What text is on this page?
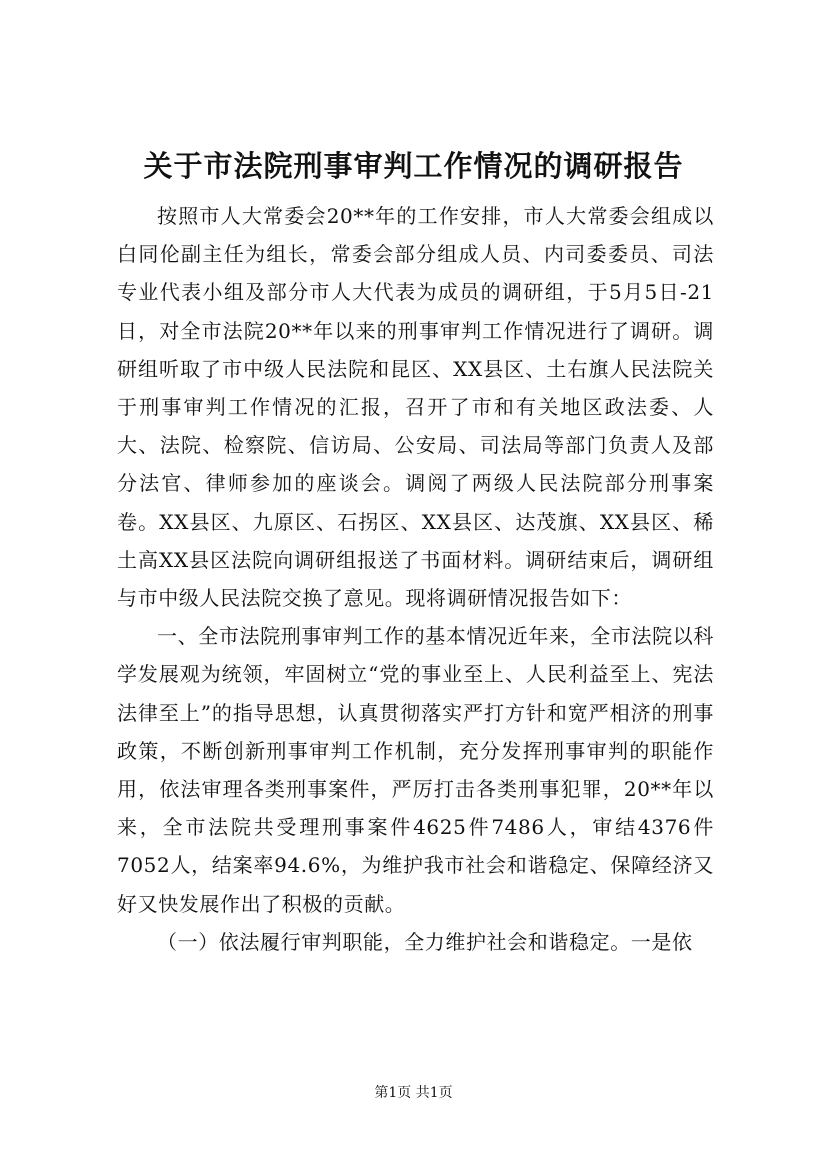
关于市法院刑事审判工作情况的调研报告

按照市人大常委会20**年的工作安排，市人大常委会组成以白同伦副主任为组长，常委会部分组成人员、内司委委员、司法专业代表小组及部分市人大代表为成员的调研组，于5月5日-21日，对全市法院20**年以来的刑事审判工作情况进行了调研。调研组听取了市中级人民法院和昆区、XX县区、土右旗人民法院关于刑事审判工作情况的汇报，召开了市和有关地区政法委、人大、法院、检察院、信访局、公安局、司法局等部门负责人及部分法官、律师参加的座谈会。调阅了两级人民法院部分刑事案卷。XX县区、九原区、石拐区、XX县区、达茂旗、XX县区、稀土高XX县区法院向调研组报送了书面材料。调研结束后，调研组与市中级人民法院交换了意见。现将调研情况报告如下：

一、全市法院刑事审判工作的基本情况近年来，全市法院以科学发展观为统领，牢固树立“党的事业至上、人民利益至上、宪法法律至上”的指导思想，认真贯彻落实严打方针和宽严相济的刑事政策，不断创新刑事审判工作机制，充分发挥刑事审判的职能作用，依法审理各类刑事案件，严厉打击各类刑事犯罪，20**年以来，全市法院共受理刑事案件4625件7486人，审结4376件7052人，结案率94.6%，为维护我市社会和谐稳定、保障经济又好又快发展作出了积极的贡献。

（一）依法履行审判职能，全力维护社会和谐稳定。一是依

第1页 共1页
